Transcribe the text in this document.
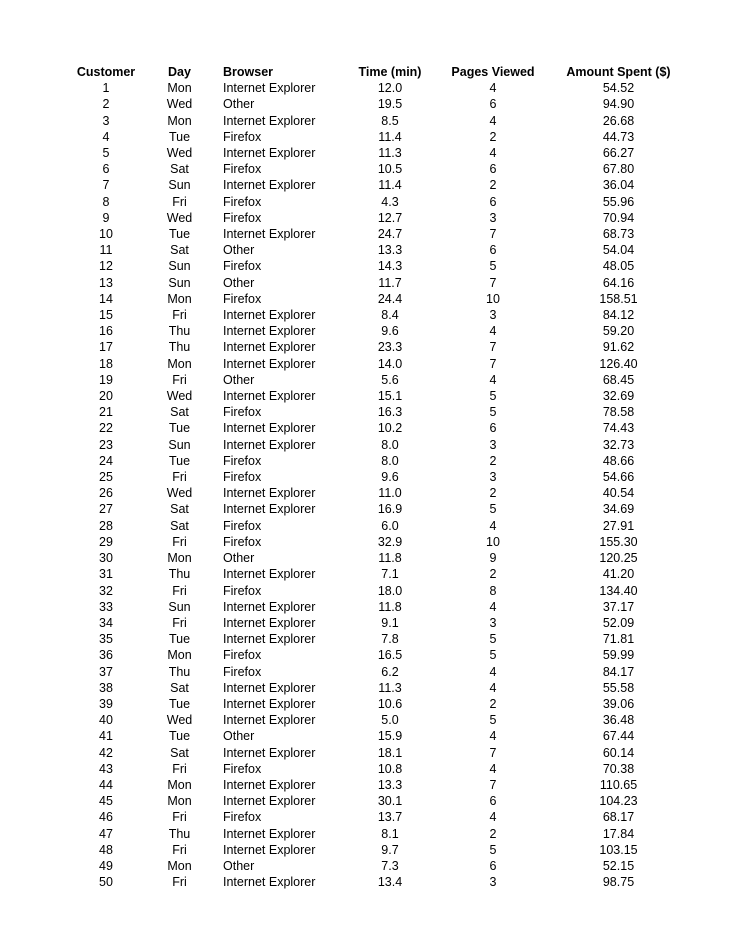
Customer	Day	Browser	Time (min)	Pages Viewed	Amount Spent ($)
1	Mon	Internet Explorer	12.0	4	54.52
2	Wed	Other	19.5	6	94.90
3	Mon	Internet Explorer	8.5	4	26.68
4	Tue	Firefox	11.4	2	44.73
5	Wed	Internet Explorer	11.3	4	66.27
6	Sat	Firefox	10.5	6	67.80
7	Sun	Internet Explorer	11.4	2	36.04
8	Fri	Firefox	4.3	6	55.96
9	Wed	Firefox	12.7	3	70.94
10	Tue	Internet Explorer	24.7	7	68.73
11	Sat	Other	13.3	6	54.04
12	Sun	Firefox	14.3	5	48.05
13	Sun	Other	11.7	7	64.16
14	Mon	Firefox	24.4	10	158.51
15	Fri	Internet Explorer	8.4	3	84.12
16	Thu	Internet Explorer	9.6	4	59.20
17	Thu	Internet Explorer	23.3	7	91.62
18	Mon	Internet Explorer	14.0	7	126.40
19	Fri	Other	5.6	4	68.45
20	Wed	Internet Explorer	15.1	5	32.69
21	Sat	Firefox	16.3	5	78.58
22	Tue	Internet Explorer	10.2	6	74.43
23	Sun	Internet Explorer	8.0	3	32.73
24	Tue	Firefox	8.0	2	48.66
25	Fri	Firefox	9.6	3	54.66
26	Wed	Internet Explorer	11.0	2	40.54
27	Sat	Internet Explorer	16.9	5	34.69
28	Sat	Firefox	6.0	4	27.91
29	Fri	Firefox	32.9	10	155.30
30	Mon	Other	11.8	9	120.25
31	Thu	Internet Explorer	7.1	2	41.20
32	Fri	Firefox	18.0	8	134.40
33	Sun	Internet Explorer	11.8	4	37.17
34	Fri	Internet Explorer	9.1	3	52.09
35	Tue	Internet Explorer	7.8	5	71.81
36	Mon	Firefox	16.5	5	59.99
37	Thu	Firefox	6.2	4	84.17
38	Sat	Internet Explorer	11.3	4	55.58
39	Tue	Internet Explorer	10.6	2	39.06
40	Wed	Internet Explorer	5.0	5	36.48
41	Tue	Other	15.9	4	67.44
42	Sat	Internet Explorer	18.1	7	60.14
43	Fri	Firefox	10.8	4	70.38
44	Mon	Internet Explorer	13.3	7	110.65
45	Mon	Internet Explorer	30.1	6	104.23
46	Fri	Firefox	13.7	4	68.17
47	Thu	Internet Explorer	8.1	2	17.84
48	Fri	Internet Explorer	9.7	5	103.15
49	Mon	Other	7.3	6	52.15
50	Fri	Internet Explorer	13.4	3	98.75
